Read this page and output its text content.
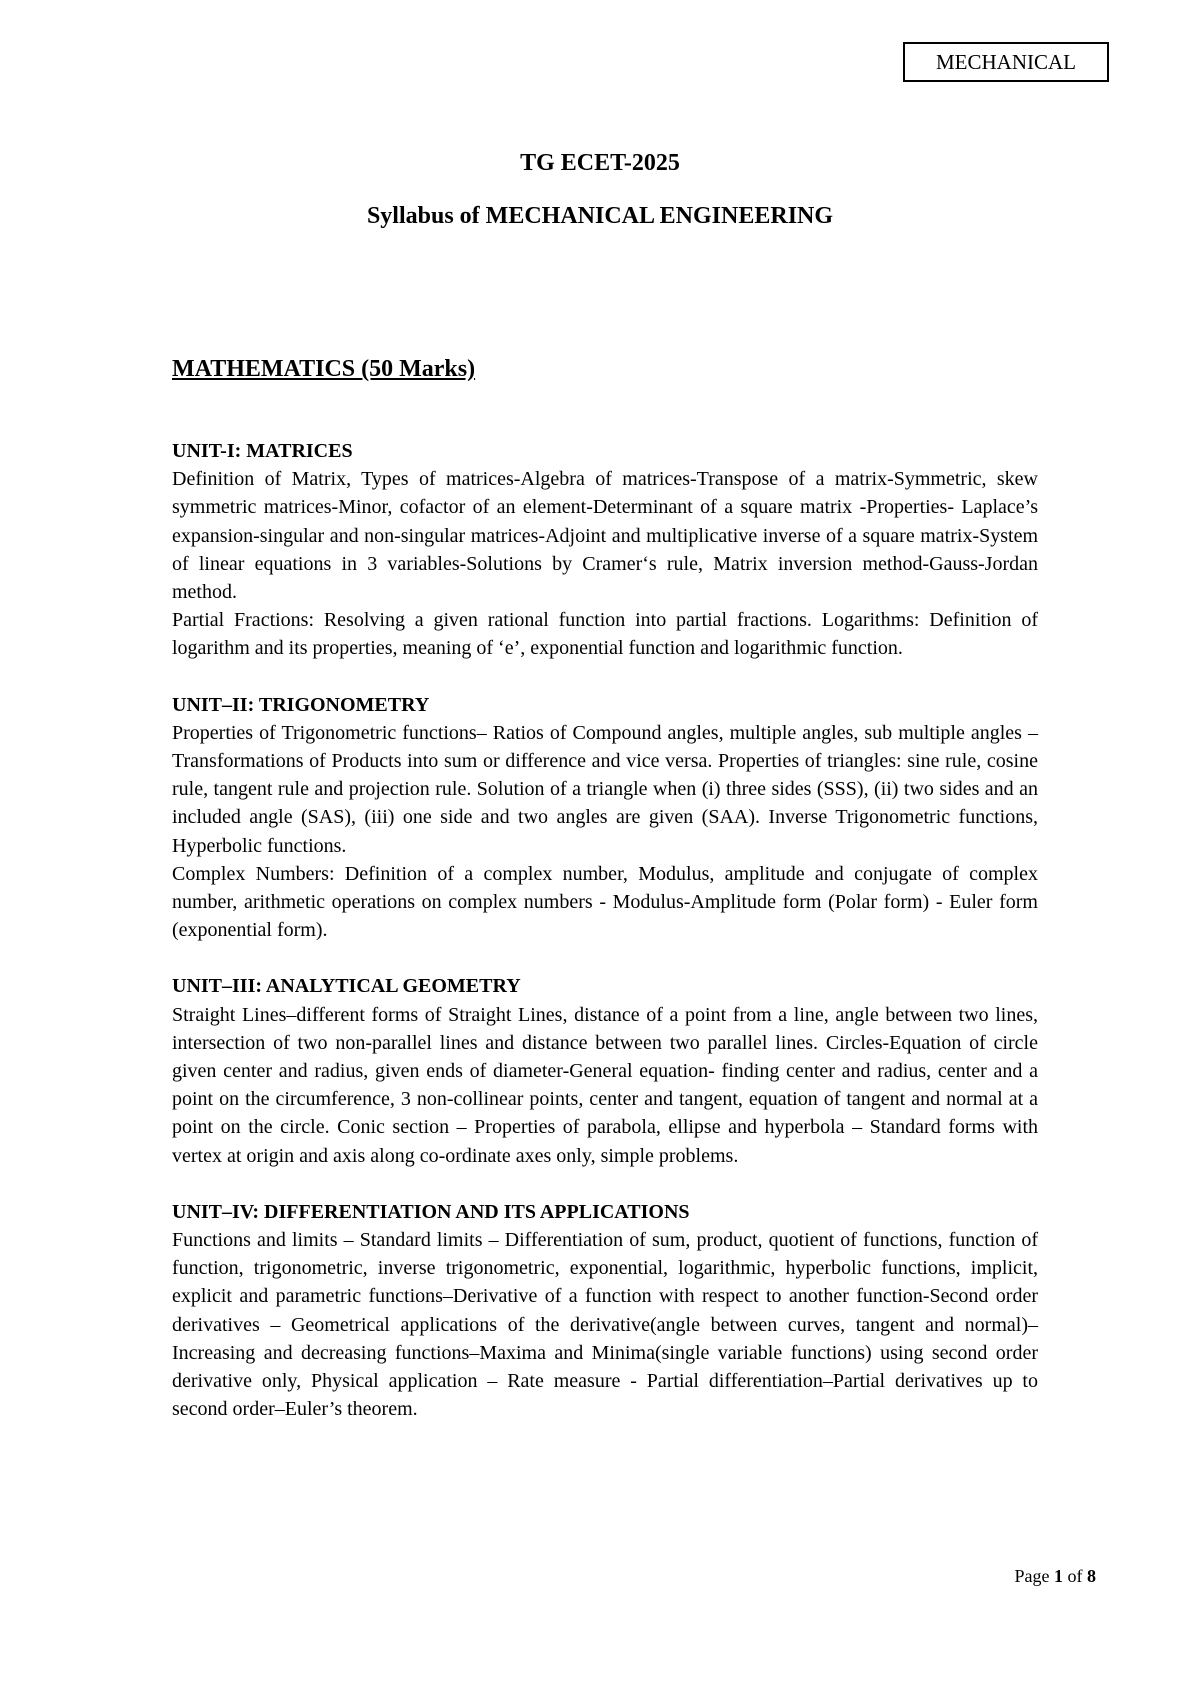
MECHANICAL
TG ECET-2025
Syllabus of MECHANICAL ENGINEERING
MATHEMATICS (50 Marks)
UNIT-I: MATRICES
Definition of Matrix, Types of matrices-Algebra of matrices-Transpose of a matrix-Symmetric, skew symmetric matrices-Minor, cofactor of an element-Determinant of a square matrix -Properties- Laplace’s expansion-singular and non-singular matrices-Adjoint and multiplicative inverse of a square matrix-System of linear equations in 3 variables-Solutions by Cramer‘s rule, Matrix inversion method-Gauss-Jordan method.
Partial Fractions: Resolving a given rational function into partial fractions. Logarithms: Definition of logarithm and its properties, meaning of ‘e’, exponential function and logarithmic function.
UNIT–II: TRIGONOMETRY
Properties of Trigonometric functions– Ratios of Compound angles, multiple angles, sub multiple angles – Transformations of Products into sum or difference and vice versa. Properties of triangles: sine rule, cosine rule, tangent rule and projection rule. Solution of a triangle when (i) three sides (SSS), (ii) two sides and an included angle (SAS), (iii) one side and two angles are given (SAA). Inverse Trigonometric functions, Hyperbolic functions.
Complex Numbers: Definition of a complex number, Modulus, amplitude and conjugate of complex number, arithmetic operations on complex numbers - Modulus-Amplitude form (Polar form) - Euler form (exponential form).
UNIT–III: ANALYTICAL GEOMETRY
Straight Lines–different forms of Straight Lines, distance of a point from a line, angle between two lines, intersection of two non-parallel lines and distance between two parallel lines. Circles-Equation of circle given center and radius, given ends of diameter-General equation- finding center and radius, center and a point on the circumference, 3 non-collinear points, center and tangent, equation of tangent and normal at a point on the circle. Conic section – Properties of parabola, ellipse and hyperbola – Standard forms with vertex at origin and axis along co-ordinate axes only, simple problems.
UNIT–IV: DIFFERENTIATION AND ITS APPLICATIONS
Functions and limits – Standard limits – Differentiation of sum, product, quotient of functions, function of function, trigonometric, inverse trigonometric, exponential, logarithmic, hyperbolic functions, implicit, explicit and parametric functions–Derivative of a function with respect to another function-Second order derivatives – Geometrical applications of the derivative(angle between curves, tangent and normal)–Increasing and decreasing functions–Maxima and Minima(single variable functions) using second order derivative only, Physical application – Rate measure - Partial differentiation–Partial derivatives up to second order–Euler’s theorem.
Page 1 of 8
